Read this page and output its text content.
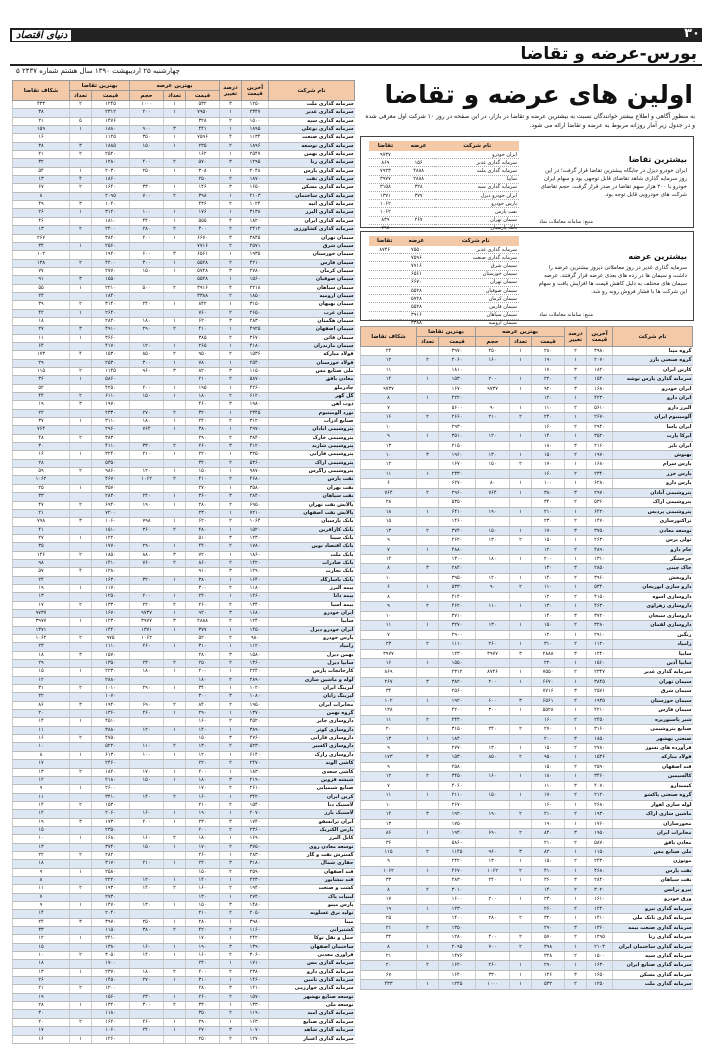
۳۰
دنیای اقتصاد
بورس-عرضه و تقاضا
۵ چهارشنبه ۲۵ اردیبهشت ۱۳۹۰ سال هشتم شماره ۲۴۳۷
نام شرکت	آخرین قیمت	درصد تغییر	بهترین عرضه			بهترین تقاضا		شکاف تقاضا
			قیمت	تعداد	حجم	قیمت	تعداد	
سرمایه گذاری ملت	۱۲۵۰	۳	۵۳۲	۱	۱۰۰۰	۱۲۴۵	۲	۴۳۳
سرمایه گذاری غدیر	۲۳۴۷	۱	۷۹۵۰	۱	۲۰۰	۲۳۱۲		۳۸
سرمایه گذاری سپه	۱۵۰۰	۲	۳۲۸			۱۴۷۶	۵	۲۱
سرمایه گذاری بوعلی	۱۸۹۵	۱	۴۴۱	۳	۹۰۰	۱۸۸۰	۱	۱۵۹
سرمایه گذاری صنعت	۱۱۳۴	۴	۷۵۹۶	۱	۳۵۰	۱۱۲۵		۱۶
سرمایه گذاری توسعه	۱۸۹۶	۲	۲۳۵	۱	۱۵۰	۱۸۸۵	۳	۳۸
سرمایه گذاری بهمن	۲۵۴۷	۱	۱۶۲			۲۵۲۰	۲	۲۱
سرمایه گذاری رنا	۱۲۹۵	۳	۵۷۰	۲	۴۰۰	۱۲۸۰		۳۲
سرمایه گذاری پارس	۲۰۴۸	۱	۳۰۸	۱	۲۵۰	۲۰۳۰	۱	۵۴
سرمایه گذاری نفت	۱۸۷۰	۲	۲۵۰			۱۸۶۰	۴	۱۳
سرمایه گذاری مسکن	۱۶۵۰	۳	۱۴۶	۱	۳۳۰	۱۶۴۰	۲	۶۷
سرمایه گذاری ساختمان	۲۱۰۳	۱	۳۹۸	۲	۷۰۰	۲۰۹۵		۸
سرمایه گذاری آتیه	۱۰۲۴	۲	۴۳۶			۱۰۲۰	۳	۴۹
سرمایه گذاری البرز	۳۱۳۸	۱	۱۷۶	۱	۱۰۰	۳۱۲۰	۱	۲۶
سرمایه گذاری ایران	۱۸۲۰	۴	۵۵۵	۱	۴۴۰	۱۸۱۰		۴۶
سرمایه گذاری کشاورزی	۲۴۱۲	۲	۳۰۰	۲	۲۸۰	۲۴۰۰	۲	۱۳
سیمان تهران	۳۸۴۵	۳	۶۶۷۰	۱	۲۰۰	۳۸۲۰		۲۶۷
سیمان شرق	۲۵۷۱	۲	۷۷۱۶			۲۵۶۰	۱	۳۴
سیمان خوزستان	۱۹۳۵	۱	۶۵۶۱	۳	۶۰۰	۱۹۲۰		۱۰۲
سیمان فارس	۴۲۱۰	۲	۵۵۲۸	۱	۳۰۰	۴۲۰۰	۲	۱۳۸
سیمان کرمان	۲۷۸۰	۳	۵۷۲۸	۱	۱۵۰	۲۷۷۰		۷۷
سیمان صوفیان	۱۵۶۰	۱	۵۵۲۸			۱۵۵۰	۳	۹۱
سیمان سپاهان	۲۲۱۸	۴	۳۹۱۶	۲	۵۰۰	۲۲۱۰	۱	۵۵
سیمان ارومیه	۱۸۵۰	۲	۳۳۸۸			۱۸۴۰		۲۴
سیمان بهبهان	۳۱۵۰	۱	۸۴۲	۱	۲۴۰	۳۱۴۰	۲	۳۹
سیمان غرب	۲۶۵۰	۲	۷۶۰			۲۶۴۰	۱	۴۲
سیمان هگمتان	۲۸۳۰	۳	۶۲۰	۱	۱۸۰	۲۸۲۰		۱۸
سیمان اصفهان	۴۹۲۵	۱	۴۱۰	۲	۲۹۰	۴۹۱۰	۳	۲۷
سیمان قائن	۳۶۷۰	۲	۳۸۵			۳۶۶۰	۱	۱۱
سیمان مازندران	۴۱۸۰	۱	۲۶۵	۱	۱۲۰	۴۱۷۰		۶۴
فولاد مبارکه	۱۵۳۶	۲	۹۵۰	۲	۸۵۰	۱۵۳۰	۴	۱۷۳
فولاد خوزستان	۲۵۴۰	۱	۷۸۰	۱	۳۰۰	۲۵۳۰		۲۹
ملی صنایع مس	۱۱۵۰	۳	۸۲۰	۳	۹۶۰	۱۱۴۵	۲	۱۱۵
معادن بافق	۵۸۷۰	۲	۲۱۰			۵۸۶۰	۱	۳۶
چادرملو	۴۲۶۰	۱	۱۹۵	۱	۲۰۰	۴۲۵۰		۵۲
گل گهر	۶۱۲۰	۲	۱۸۰	۱	۱۵۰	۶۱۱۰	۲	۴۴
ذوب آهن	۱۹۸۰	۳	۴۶۰			۱۹۷۰	۳	۱۹
نورد آلومینیوم	۲۳۴۵	۱	۳۲۰	۲	۲۷۰	۲۳۳۰		۲۲
صنایع آذرآب	۳۱۲۰	۲	۲۴۰	۱	۱۸۰	۳۱۱۰	۱	۳۷
پتروشیمی آبادان	۲۹۷۰	۱	۳۸۰	۱	۷۶۴	۲۹۶۰		۷۶۴
پتروشیمی خارک	۳۸۴۰	۲	۲۹۰			۳۸۳۰	۲	۴۸
پتروشیمی شازند	۴۱۲۰	۳	۲۶۰	۲	۳۳۰	۴۱۱۰		۳۰
پتروشیمی فارابی	۳۲۵۰	۱	۲۲۰	۱	۲۱۰	۳۲۴۰	۱	۱۶
پتروشیمی اراک	۵۳۶۰	۲	۳۴۰			۵۳۵۰		۲۸
پتروشیمی زاگرس	۹۸۷۰	۱	۱۵۰	۱	۱۲۰	۹۸۶۰	۲	۵۹
نفت پارس	۴۶۸۰	۲	۴۱۰	۲	۱۰۶۲	۴۶۷۰		۱۰۶۲
نفت بهران	۳۵۸۰	۱	۲۷۰			۳۵۷۰	۱	۲۵
نفت سپاهان	۲۸۴۰	۳	۳۶۰	۱	۲۴۰	۲۸۳۰		۳۳
پالایش نفت تهران	۶۹۵۰	۲	۲۸۰	۱	۱۹۰	۶۹۴۰	۲	۴۷
پالایش نفت اصفهان	۷۲۱۰	۱	۲۳۰			۷۲۰۰		۲۱
بانک پارسیان	۱۰۶۴	۲	۶۲۰	۱	۷۹۸	۱۰۶۰	۳	۷۹۸
بانک کارآفرین	۱۵۲۰	۱	۴۸۰	۲	۳۶۰	۱۵۱۰		۴۱
بانک سینا	۱۲۳۰	۳	۵۱۰			۱۲۲۰	۱	۲۷
بانک اقتصاد نوین	۱۷۸۰	۲	۴۴۰	۱	۲۹۰	۱۷۷۰		۳۵
بانک ملت	۱۸۶۰	۱	۷۲۰	۳	۸۸۰	۱۸۵۰	۲	۱۴۶
بانک صادرات	۱۴۲۰	۲	۸۶۰	۲	۷۶۰	۱۴۱۰		۹۸
بانک تجارت	۱۲۹۰	۳	۹۱۰			۱۲۸۰	۴	۵۷
بانک پاسارگاد	۱۶۴۰	۱	۳۸۰	۱	۳۲۰	۱۶۳۰		۲۴
بیمه البرز	۱۱۸۰	۲	۳۰۰			۱۱۷۰	۱	۱۹
بیمه دانا	۱۲۶۰	۱	۲۴۰	۱	۲۰۰	۱۲۵۰		۱۳
بیمه آسیا	۱۳۴۰	۲	۲۶۰	۲	۲۲۰	۱۳۳۰	۲	۱۷
ایران خودرو	۱۶۸۰	۳	۹۲۰	۱	۹۷۳۷	۱۶۷۰		۹۷۳۷
سایپا	۱۲۴۰	۲	۲۸۸۸	۳	۳۹۷۷	۱۲۳۰	۱	۳۹۷۷
ایران خودرو دیزل	۱۴۵۰	۱	۳۷۷	۱	۱۳۷۱	۱۴۴۰		۱۳۷۱
پارس خودرو	۹۸۰	۲	۵۲۰		۱۰۶۲	۹۷۵	۲	۱۰۶۲
زامیاد	۱۱۲۰	۱	۳۱۰	۱	۲۶۰	۱۱۱۰		۲۳
بهمن دیزل	۱۵۸۰	۳	۲۸۰			۱۵۷۰	۳	۱۸
سایپا دیزل	۱۳۶۰	۲	۲۵۰	۲	۲۳۰	۱۳۵۰		۲۹
کارخانجات پارس	۲۲۴۰	۱	۲۰۰	۱	۱۸۰	۲۲۳۰	۱	۱۵
لوله و ماشین سازی	۲۸۹۰	۲	۱۸۰			۲۸۸۰		۱۲
لیزینگ ایران	۱۰۲۰	۱	۳۴۰	۱	۲۹۰	۱۰۱۰	۲	۳۱
لیزینگ رایان	۱۰۸۰	۳	۳۰۰			۱۰۷۰		۲۲
مخابرات ایران	۱۹۵۰	۲	۸۴۰	۲	۶۹۰	۱۹۴۰	۳	۸۶
گروه بهمن	۱۳۷۰	۱	۲۹۰	۱	۲۶۰	۱۳۶۰		۲۰
داروسازی جابر	۴۵۲۰	۲	۱۶۰			۴۵۱۰	۱	۱۴
داروسازی کوثر	۳۸۹۰	۱	۱۴۰	۱	۱۲۰	۳۸۸۰		۱۱
داروسازی فارابی	۴۷۶۰	۳	۱۵۰			۴۷۵۰	۲	۱۶
داروسازی اکسیر	۵۲۳۰	۲	۱۳۰	۲	۱۱۰	۵۲۲۰		۱۰
داروسازی رازک	۶۱۴۰	۱	۱۲۰	۱	۱۰۰	۶۱۳۰	۱	۸
کاشی الوند	۲۴۷۰	۲	۲۲۰			۲۴۶۰		۱۷
کاشی سعدی	۱۸۳۰	۱	۲۰۰	۱	۱۷۰	۱۸۲۰	۲	۱۳
شیشه قزوین	۲۱۹۰	۳	۱۸۰	۱	۱۵۰	۲۱۸۰		۱۲
صنایع شیمیایی	۲۶۱۰	۲	۱۷۰			۲۶۰۰	۱	۹
کربن ایران	۳۴۲۰	۱	۱۶۰	۲	۱۴۰	۳۴۱۰		۱۱
لاستیک دنا	۱۵۴۰	۲	۲۱۰			۱۵۳۰	۲	۱۴
لاستیک بارز	۲۰۷۰	۱	۱۹۰	۱	۱۶۰	۲۰۶۰		۱۲
ایران ترانسفو	۱۷۴۰	۳	۲۳۰	۱	۲۰۰	۱۷۳۰	۳	۱۹
پارس الکتریک	۲۳۶۰	۲	۲۰۰			۲۳۵۰		۱۵
کابل البرز	۱۶۹۰	۱	۱۸۰	۲	۱۶۰	۱۶۸۰	۱	۱۰
توسعه معادن روی	۳۷۵۰	۲	۱۷۰	۱	۱۵۰	۳۷۴۰		۱۳
گسترش نفت و گاز	۲۸۳۰	۱	۲۶۰			۲۸۲۰	۲	۲۲
حفاری شمال	۳۱۸۰	۳	۲۴۰	۱	۲۱۰	۳۱۷۰		۱۸
قند اصفهان	۲۵۹۰	۲	۱۵۰			۲۵۸۰	۱	۹
قند نیشابور	۲۲۳۰	۱	۱۴۰	۱	۱۲۰	۲۲۲۰		۸
کشت و صنعت	۱۹۴۰	۲	۱۶۰	۲	۱۴۰	۱۹۳۰	۲	۱۱
لبنیات پاک	۲۷۴۰	۱	۱۳۰			۲۷۳۰		۷
پارس مینو	۱۴۸۰	۳	۱۵۰	۱	۱۳۰	۱۴۷۰	۱	۹
تولید برق عسلویه	۲۰۵۰	۲	۲۱۰			۲۰۴۰		۱۴
مپنا	۳۹۸۰	۱	۲۸۰	۱	۲۵۰	۳۹۷۰	۳	۲۴
کشتیرانی	۱۱۶۰	۲	۴۲۰	۲	۳۸۰	۱۱۵۰		۳۳
حمل و نقل توکا	۲۴۲۰	۱	۱۷۰			۲۴۱۰	۱	۱۲
ساختمان اصفهان	۱۳۹۰	۳	۱۹۰	۱	۱۶۰	۱۳۸۰		۱۵
فرآوری معدنی	۳۰۶۰	۲	۱۶۰	۱	۱۴۰	۳۰۵۰	۲	۱۰
سرمایه گذاری مس	۱۷۱۰	۱	۲۴۰			۱۷۰۰		۱۸
سرمایه گذاری دارو	۲۳۸۰	۲	۲۰۰	۲	۱۸۰	۲۳۷۰	۱	۱۳
سرمایه گذاری تامین	۱۴۶۰	۱	۳۱۰	۱	۲۷۰	۱۴۵۰		۲۶
سرمایه گذاری خوارزمی	۱۲۱۰	۳	۲۸۰			۱۲۰۰	۲	۲۱
توسعه صنایع بهشهر	۱۵۷۰	۲	۲۶۰	۱	۲۳۰	۱۵۶۰		۱۹
توسعه ملی	۱۳۳۰	۱	۳۳۰	۲	۳۰۰	۱۳۲۰	۱	۲۸
سرمایه گذاری امید	۱۱۹۰	۲	۳۵۰			۱۱۸۰		۳۰
سرمایه گذاری صنایع	۱۶۳۰	۱	۲۹۰	۱	۲۶۰	۱۶۲۰	۲	۲۰
سرمایه گذاری شاهد	۱۰۷۰	۳	۲۷۰	۱	۲۴۰	۱۰۶۰		۱۷
سرمایه گذاری اعتبار	۱۲۷۰	۲	۲۵۰			۱۲۶۰	۱	۱۶
اولین های عرضه و تقاضا
به منظور آگاهی و اطلاع بیشتر خوانندگان نسبت به بیشترین عرضه و تقاضا در بازار، در این صفحه در روز ۱۰ شرکت اول معرفی شده و در جدول زیر آمار روزانه مربوط به عرضه و تقاضا ارائه می شود.
بیشترین تقاضا
ایران خودرو دیزل در جایگاه بیشترین تقاضا قرار گرفت؛ در این روز سرمایه گذاری شاهد تقاضای قابل توجهی بود و سهام ایران خودرو با ۲۰۰ هزار سهم تقاضا در صدر قرار گرفت. حجم تقاضای شرکت های خودرویی قابل توجه بود.
نام شرکت	عرضه	تقاضا
ایران خودرو		۹۷۳۷
سرمایه گذاری غدیر	۱۵۶	۸۶۹
سرمایه گذاری ملت	۴۸۸۸	۷۹۲۳
سایپا	۲۸۸۸	۳۹۷۷
سرمایه گذاری سپه	۳۲۸	۳۱۵۸
ایران خودرو دیزل	۳۷۷	۱۳۷۱
پارس خودرو		۱۰۶۲
نفت پارس		۱۰۶۲
سیمان تهران	۲۶۷	۸۳۹
بانک پارسیان		۷۹۸

منبع: سامانه معاملات نماد
بیشترین عرضه
سرمایه گذاری غدیر در روز معاملاتی دیروز بیشترین عرضه را داشت و سیمان ها در رده های بعدی عرضه قرار گرفتند. عرضه سیمان های مختلف به دلیل کاهش قیمت ها افزایش یافت و سهام این شرکت ها با فشار فروش روبه رو شد.
نام شرکت	عرضه	تقاضا
سرمایه گذاری غدیر	۷۵۵۰	۸۷۴۶
سرمایه گذاری صنعت	۷۵۹۶	
سیمان شرق	۷۷۱۶	
سیمان خوزستان	۶۵۶۱	
سیمان تهران	۶۶۷۰	
سیمان صوفیان	۵۵۲۸	
سیمان کرمان	۵۷۲۸	
سیمان فارس	۵۵۲۸	
سیمان سپاهان	۳۹۱۶	
سیمان ارومیه	۳۳۸۸	
منبع: سامانه معاملات نماد
نام شرکت	آخرین قیمت	درصد تغییر	بهترین عرضه			بهترین تقاضا		شکاف تقاضا
			قیمت	تعداد	حجم	قیمت	تعداد	
گروه مپنا	۳۹۸۰	۲	۲۸۰	۱	۲۵۰	۳۹۷۰		۲۴
گروه صنعتی بارز	۲۰۷۰	۱	۱۹۰	۱	۱۶۰	۲۰۶۰	۲	۱۲
کارتن ایران	۱۸۲۰	۳	۱۷۰			۱۸۱۰		۱۱
سرمایه گذاری پارس توشه	۱۵۴۰	۲	۲۲۰	۱	۲۰۰	۱۵۳۰	۱	۱۴
ایران خودرو	۱۶۸۰	۳	۹۲۰	۱	۹۷۳۷	۱۶۷۰		۹۷۳۷
ایران دارو	۴۲۳۰	۱	۱۲۰			۴۲۲۰	۱	۸
البرز دارو	۵۶۱۰	۲	۱۱۰	۱	۹۰	۵۶۰۰		۷
آلومینیوم ایران	۲۶۷۰	۱	۲۴۰	۲	۲۱۰	۲۶۶۰	۲	۱۶
ایران یاسا	۲۹۴۰	۲	۱۶۰			۲۹۳۰		۱۰
ایرکا پارت	۳۵۲۰	۱	۱۴۰	۱	۱۲۰	۳۵۱۰	۱	۹
ایران تایر	۲۱۶۰	۳	۱۸۰			۲۱۵۰		۱۳
بهنوش	۱۹۷۰	۲	۱۵۰	۱	۱۳۰	۱۹۶۰	۳	۱۰
پارس سرام	۱۶۸۰	۱	۱۷۰	۲	۱۵۰	۱۶۷۰		۱۲
پارس خزر	۲۳۴۰	۲	۱۶۰			۲۳۳۰	۱	۱۱
پارس دارو	۶۲۸۰	۱	۱۰۰	۱	۸۰	۶۲۷۰		۶
پتروشیمی آبادان	۲۹۷۰	۳	۳۸۰	۱	۷۶۴	۲۹۶۰	۲	۷۶۴
پتروشیمی اراک	۵۳۶۰	۲	۳۴۰			۵۳۵۰		۲۸
پتروشیمی پردیس	۶۴۲۰	۱	۲۱۰	۱	۱۹۰	۶۴۱۰	۱	۱۸
تراکتورسازی	۱۴۷۰	۲	۲۳۰			۱۴۶۰		۱۵
توسعه معادن	۳۷۵۰	۳	۱۷۰	۱	۱۵۰	۳۷۴۰	۲	۱۳
تولی پرس	۲۶۳۰	۱	۱۵۰	۲	۱۳۰	۲۶۲۰		۹
جام دارو	۴۸۹۰	۲	۱۲۰			۴۸۸۰	۱	۷
چرخشگر	۱۳۱۰	۱	۲۰۰	۱	۱۸۰	۱۳۰۰		۱۴
خاک چینی	۲۸۵۰	۳	۱۳۰			۲۸۴۰	۳	۸
داروپخش	۳۹۶۰	۲	۱۴۰	۱	۱۲۰	۳۹۵۰		۱۰
دارو سازی ابوریحان	۵۳۴۰	۱	۱۱۰	۲	۹۰	۵۳۳۰	۱	۶
داروسازی اسوه	۴۱۵۰	۲	۱۲۰			۴۱۴۰		۸
داروسازی زهراوی	۴۶۳۰	۱	۱۳۰	۱	۱۱۰	۴۶۲۰	۲	۹
داروسازی سبحان	۳۷۲۰	۳	۱۴۰			۳۷۱۰		۱۰
داروسازی لقمان	۳۲۸۰	۲	۱۵۰	۱	۱۳۰	۳۲۷۰	۱	۱۱
رنگین	۲۹۱۰	۱	۱۲۰			۲۹۰۰		۷
زامیاد	۱۱۲۰	۲	۳۱۰	۱	۲۶۰	۱۱۱۰	۲	۲۳
سایپا	۱۲۴۰	۳	۲۸۸۸	۳	۳۹۷۷	۱۲۳۰		۳۹۷۷
سایپا آذین	۱۵۶۰	۱	۲۲۰			۱۵۵۰	۱	۱۶
سرمایه گذاری غدیر	۲۳۴۷	۲	۷۵۵۰	۱	۸۷۴۶	۲۳۱۲		۸۶۹
سیمان تهران	۳۸۴۵	۱	۶۶۷۰	۱	۲۰۰	۳۸۲۰	۳	۲۶۷
سیمان شرق	۲۵۷۱	۳	۷۷۱۶			۲۵۶۰		۳۴
سیمان خوزستان	۱۹۳۵	۲	۶۵۶۱	۳	۶۰۰	۱۹۲۰	۱	۱۰۲
سیمان فارس	۴۲۱۰	۱	۵۵۲۸	۱	۳۰۰	۴۲۰۰		۱۳۸
شیر پاستوریزه	۲۴۵۰	۲	۱۶۰			۲۴۴۰	۲	۱۱
صنایع پتروشیمی	۳۱۶۰	۱	۲۷۰	۲	۲۴۰	۳۱۵۰		۲۰
صنعتی بهشهر	۱۸۵۰	۳	۲۰۰			۱۸۴۰	۱	۱۳
فرآورده های نسوز	۲۷۸۰	۲	۱۵۰	۱	۱۳۰	۲۷۷۰		۹
فولاد مبارکه	۱۵۳۶	۱	۹۵۰	۲	۸۵۰	۱۵۳۰	۴	۱۷۳
قند اصفهان	۲۵۹۰	۲	۱۵۰			۲۵۸۰		۹
کالسیمین	۳۴۶۰	۱	۱۸۰	۱	۱۶۰	۳۴۵۰	۲	۱۲
کیمیدارو	۴۰۷۰	۳	۱۱۰			۴۰۶۰		۷
گروه صنعتی پاکشو	۲۱۲۰	۲	۱۷۰	۱	۱۵۰	۲۱۱۰	۱	۱۱
لوله سازی اهواز	۲۶۸۰	۱	۱۶۰			۲۶۷۰		۱۰
ماشین سازی اراک	۱۹۳۰	۲	۲۱۰	۲	۱۹۰	۱۹۲۰	۳	۱۴
محورسازان	۱۷۶۰	۱	۱۹۰			۱۷۵۰		۱۳
مخابرات ایران	۱۹۵۰	۳	۸۴۰	۲	۶۹۰	۱۹۴۰	۱	۸۶
معادن بافق	۵۸۷۰	۲	۲۱۰			۵۸۶۰		۳۶
ملی صنایع مس	۱۱۵۰	۱	۸۲۰	۳	۹۶۰	۱۱۴۵	۲	۱۱۵
موتوژن	۲۴۳۰	۲	۱۵۰	۱	۱۳۰	۲۴۲۰		۹
نفت پارس	۴۶۸۰	۱	۴۱۰	۲	۱۰۶۲	۴۶۷۰	۱	۱۰۶۲
نفت سپاهان	۲۸۴۰	۳	۳۶۰	۱	۲۴۰	۲۸۳۰		۳۳
نیرو ترانس	۳۰۲۰	۲	۱۴۰			۳۰۱۰	۲	۸
ورق خودرو	۱۶۱۰	۱	۲۳۰	۱	۲۰۰	۱۶۰۰		۱۷
سرمایه گذاری نیرو	۱۲۴۰	۲	۲۶۰			۱۲۳۰	۱	۱۹
سرمایه گذاری بانک ملی	۱۴۱۰	۱	۳۲۰	۲	۲۸۰	۱۴۰۰		۲۵
سرمایه گذاری صنعت بیمه	۱۳۶۰	۳	۲۹۰			۱۳۵۰	۲	۲۱
سرمایه گذاری رنا	۱۲۹۵	۲	۵۷۰	۲	۴۰۰	۱۲۸۰		۳۲
سرمایه گذاری ساختمان ایران	۲۱۰۳	۱	۳۹۸	۲	۷۰۰	۲۰۹۵	۱	۸
سرمایه گذاری سپه	۱۵۰۰	۲	۳۲۸			۱۴۷۶		۲۱
سرمایه گذاری صنایع ایران	۱۶۳۰	۱	۲۹۰	۱	۲۶۰	۱۶۲۰	۲	۲۰
سرمایه گذاری مسکن	۱۶۵۰	۳	۱۴۶	۱	۳۳۰	۱۶۴۰		۶۷
سرمایه گذاری ملت	۱۲۵۰	۲	۵۳۲	۱	۱۰۰۰	۱۲۴۵	۱	۴۳۳
